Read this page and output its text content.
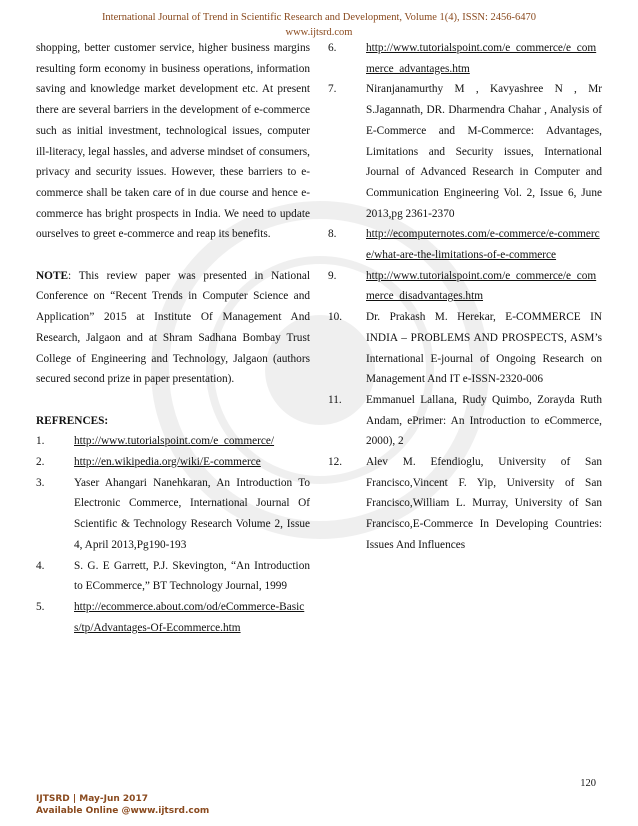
International Journal of Trend in Scientific Research and Development, Volume 1(4), ISSN: 2456-6470
www.ijtsrd.com

shopping, better customer service, higher business margins resulting form economy in business operations, information saving and knowledge market development etc. At present there are several barriers in the development of e-commerce such as initial investment, technological issues, computer ill-literacy, legal hassles, and adverse mindset of consumers, privacy and security issues. However, these barriers to e-commerce shall be taken care of in due course and hence e-commerce has bright prospects in India. We need to update ourselves to greet e-commerce and reap its benefits.

NOTE: This review paper was presented in National Conference on “Recent Trends in Computer Science and Application” 2015 at Institute Of Management And Research, Jalgaon and at Shram Sadhana Bombay Trust College of Engineering and Technology, Jalgaon (authors secured second prize in paper presentation).

REFRENCES:

1.	http://www.tutorialspoint.com/e_commerce/
2.	http://en.wikipedia.org/wiki/E-commerce
3.	Yaser Ahangari Nanehkaran, An Introduction To Electronic Commerce, International Journal Of Scientific & Technology Research Volume 2, Issue 4, April 2013,Pg190-193
4.	S. G. E Garrett, P.J. Skevington, “An Introduction to ECommerce,” BT Technology Journal, 1999
5.	http://ecommerce.about.com/od/eCommerce-Basics/tp/Advantages-Of-Ecommerce.htm
6.	http://www.tutorialspoint.com/e_commerce/e_commerce_advantages.htm
7.	Niranjanamurthy M , Kavyashree N , Mr S.Jagannath, DR. Dharmendra Chahar , Analysis of E-Commerce and M-Commerce: Advantages, Limitations and Security issues, International Journal of Advanced Research in Computer and Communication Engineering Vol. 2, Issue 6, June 2013,pg 2361-2370
8.	http://ecomputernotes.com/e-commerce/e-commerce/what-are-the-limitations-of-e-commerce
9.	http://www.tutorialspoint.com/e_commerce/e_commerce_disadvantages.htm
10.	Dr. Prakash M. Herekar, E-COMMERCE IN INDIA – PROBLEMS AND PROSPECTS, ASM’s International E-journal of Ongoing Research on Management And IT e-ISSN-2320-006
11.	Emmanuel Lallana, Rudy Quimbo, Zorayda Ruth Andam, ePrimer: An Introduction to eCommerce, 2000), 2
12.	Alev M. Efendioglu, University of San Francisco,Vincent F. Yip, University of San Francisco,William L. Murray, University of San Francisco,E-Commerce In Developing Countries: Issues And Influences
120
IJTSRD | May-Jun 2017
Available Online @www.ijtsrd.com
